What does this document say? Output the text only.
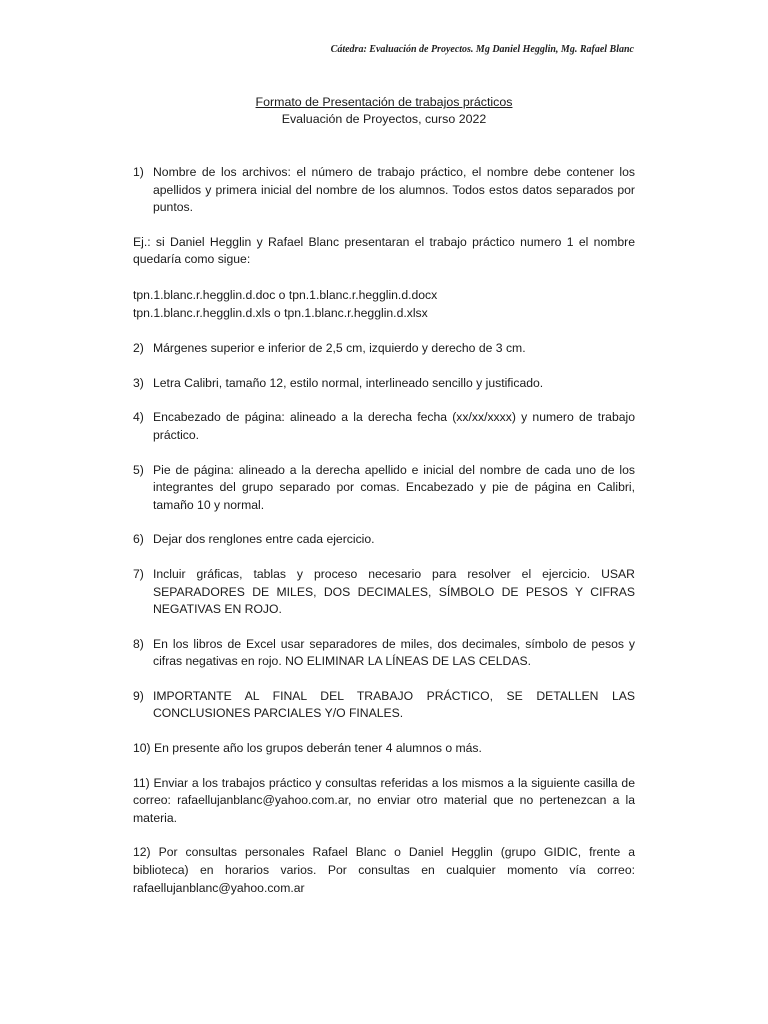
Cátedra: Evaluación de Proyectos. Mg Daniel Hegglin, Mg. Rafael Blanc
Formato de Presentación de trabajos prácticos
Evaluación de Proyectos, curso 2022
1) Nombre de los archivos: el número de trabajo práctico, el nombre debe contener los apellidos y primera inicial del nombre de los alumnos. Todos estos datos separados por puntos.
Ej.: si Daniel Hegglin y Rafael Blanc presentaran el trabajo práctico numero 1 el nombre quedaría como sigue:
tpn.1.blanc.r.hegglin.d.doc o tpn.1.blanc.r.hegglin.d.docx
tpn.1.blanc.r.hegglin.d.xls o tpn.1.blanc.r.hegglin.d.xlsx
2) Márgenes superior e inferior de 2,5 cm, izquierdo y derecho de 3 cm.
3) Letra Calibri, tamaño 12, estilo normal, interlineado sencillo y justificado.
4) Encabezado de página: alineado a la derecha fecha (xx/xx/xxxx) y numero de trabajo práctico.
5) Pie de página: alineado a la derecha apellido e inicial del nombre de cada uno de los integrantes del grupo separado por comas. Encabezado y pie de página en Calibri, tamaño 10 y normal.
6) Dejar dos renglones entre cada ejercicio.
7) Incluir gráficas, tablas y proceso necesario para resolver el ejercicio. USAR SEPARADORES DE MILES, DOS DECIMALES, SÍMBOLO DE PESOS Y CIFRAS NEGATIVAS EN ROJO.
8) En los libros de Excel usar separadores de miles, dos decimales, símbolo de pesos y cifras negativas en rojo. NO ELIMINAR LA LÍNEAS DE LAS CELDAS.
9) IMPORTANTE AL FINAL DEL TRABAJO PRÁCTICO, SE DETALLEN LAS CONCLUSIONES PARCIALES Y/O FINALES.
10) En presente año los grupos deberán tener 4 alumnos o más.
11) Enviar a los trabajos práctico y consultas referidas a los mismos a la siguiente casilla de correo: rafaellujanblanc@yahoo.com.ar, no enviar otro material que no pertenezcan a la materia.
12) Por consultas personales Rafael Blanc o Daniel Hegglin (grupo GIDIC, frente a biblioteca) en horarios varios. Por consultas en cualquier momento vía correo:
rafaellujanblanc@yahoo.com.ar
